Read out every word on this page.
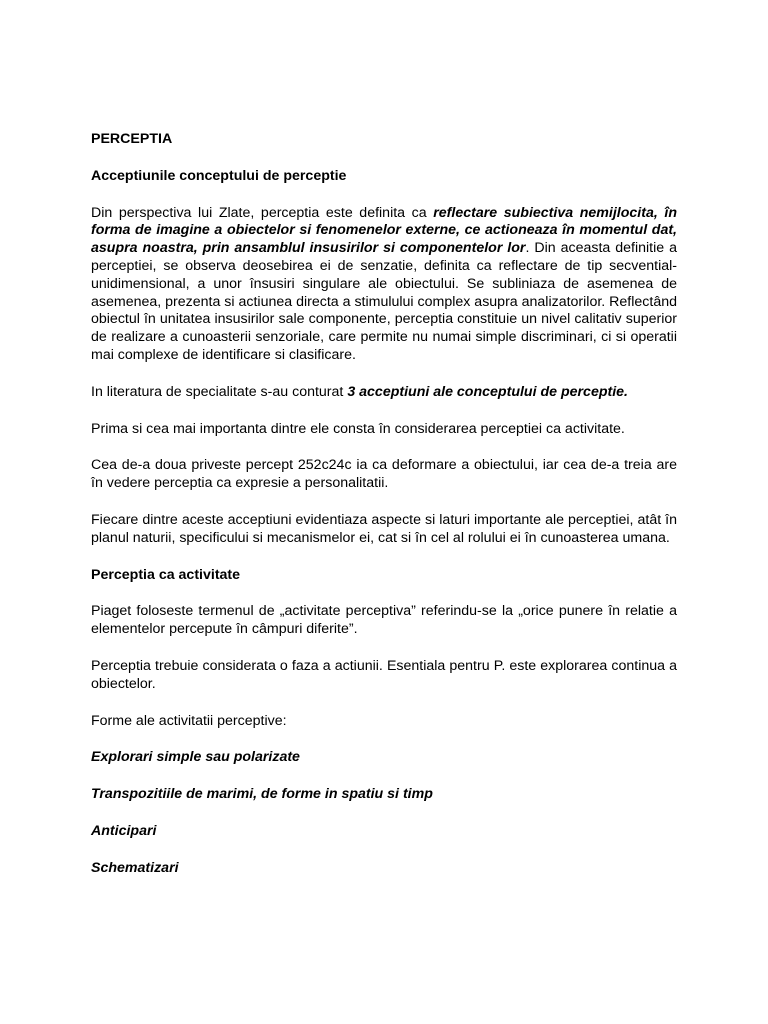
PERCEPTIA

Acceptiunile conceptului de perceptie

Din perspectiva lui Zlate, perceptia este definita ca reflectare subiectiva nemijlocita, în forma de imagine a obiectelor si fenomenelor externe, ce actioneaza în momentul dat, asupra noastra, prin ansamblul insusirilor si componentelor lor. Din aceasta definitie a perceptiei, se observa deosebirea ei de senzatie, definita ca reflectare de tip secvential- unidimensional, a unor însusiri singulare ale obiectului. Se subliniaza de asemenea de asemenea, prezenta si actiunea directa a stimulului complex asupra analizatorilor. Reflectând obiectul în unitatea insusirilor sale componente, perceptia constituie un nivel calitativ superior de realizare a cunoasterii senzoriale, care permite nu numai simple discriminari, ci si operatii mai complexe de identificare si clasificare.

In literatura de specialitate s-au conturat 3 acceptiuni ale conceptului de perceptie.

Prima si cea mai importanta dintre ele consta în considerarea perceptiei ca activitate.

Cea de-a doua priveste percept 252c24c ia ca deformare a obiectului, iar cea de-a treia are în vedere perceptia ca expresie a personalitatii.

Fiecare dintre aceste acceptiuni evidentiaza aspecte si laturi importante ale perceptiei, atât în planul naturii, specificului si mecanismelor ei, cat si în cel al rolului ei în cunoasterea umana.

Perceptia ca activitate

Piaget foloseste termenul de „activitate perceptiva” referindu-se la „orice punere în relatie a elementelor percepute în câmpuri diferite”.

Perceptia trebuie considerata o faza a actiunii. Esentiala pentru P. este explorarea continua a obiectelor.

Forme ale activitatii perceptive:

Explorari simple sau polarizate

Transpozitiile de marimi, de forme in spatiu si timp

Anticipari

Schematizari
